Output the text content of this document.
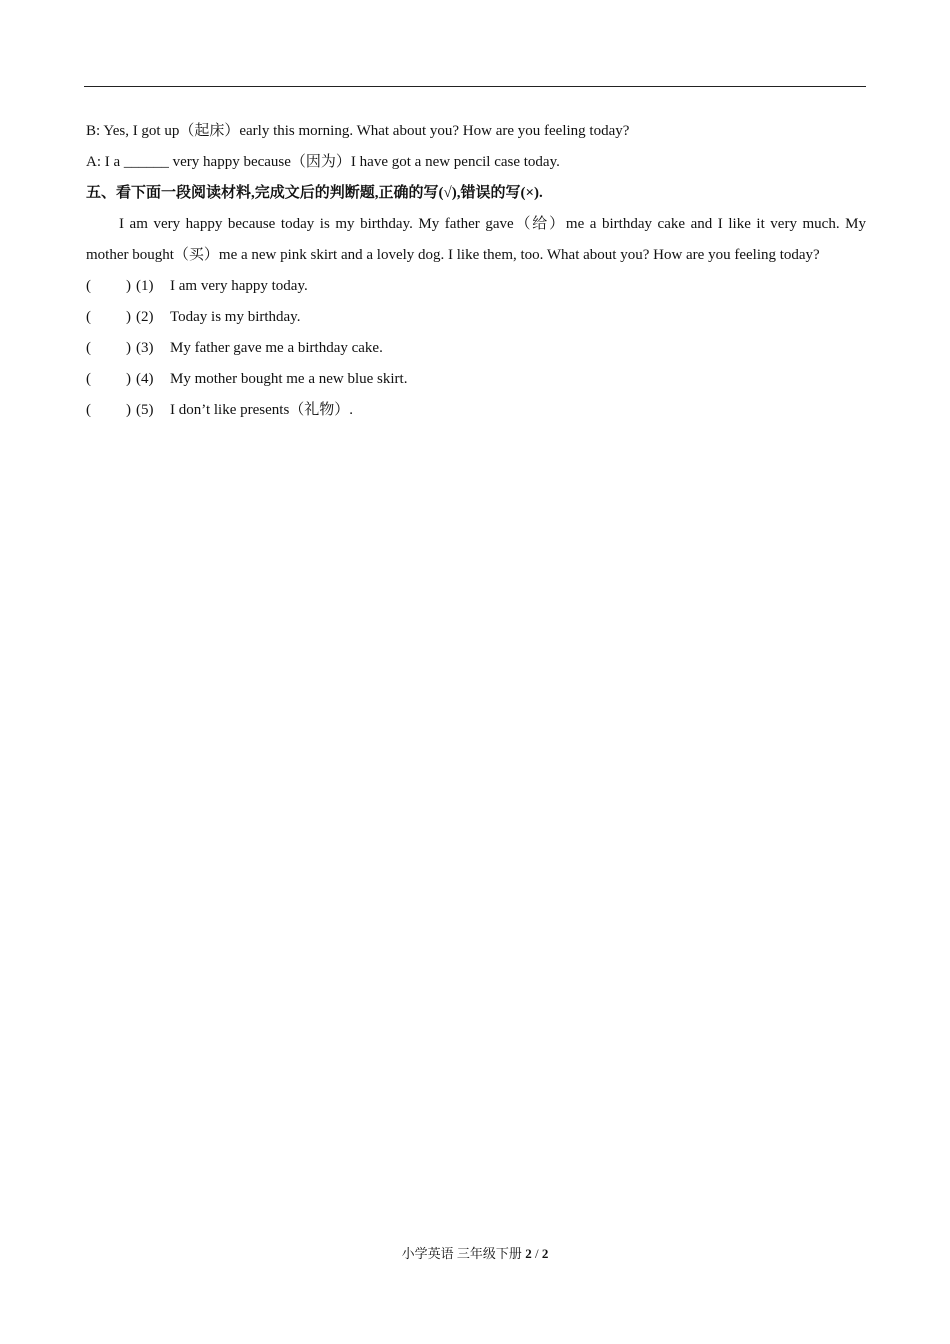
B: Yes, I got up（起床）early this morning. What about you? How are you feeling today?
A: I a ______ very happy because（因为）I have got a new pencil case today.
五、看下面一段阅读材料,完成文后的判断题,正确的写(√),错误的写(×).
I am very happy because today is my birthday. My father gave（给）me a birthday cake and I like it very much. My mother bought（买）me a new pink skirt and a lovely dog. I like them, too. What about you? How are you feeling today?
(	) (1)	I am very happy today.
(	) (2)	Today is my birthday.
(	) (3)	My father gave me a birthday cake.
(	) (4)	My mother bought me a new blue skirt.
(	) (5)	I don’t like presents（礼物）.
小学英语 三年级下册 2 / 2
